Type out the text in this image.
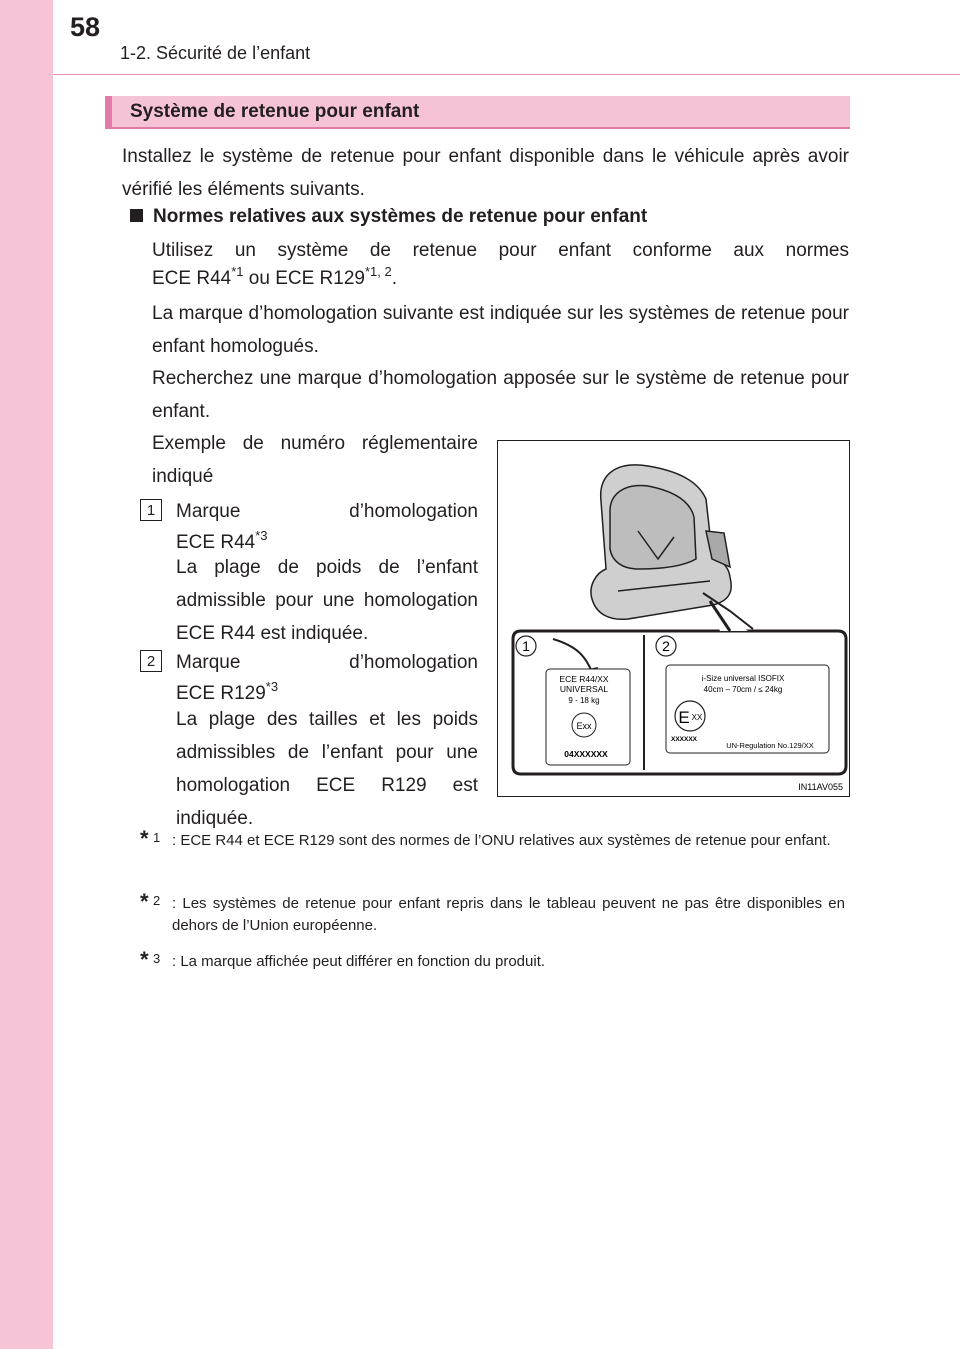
58
1-2. Sécurité de l’enfant
Système de retenue pour enfant
Installez le système de retenue pour enfant disponible dans le véhicule après avoir vérifié les éléments suivants.
Normes relatives aux systèmes de retenue pour enfant
Utilisez un système de retenue pour enfant conforme aux normes
ECE R44$^{*1}$ ou ECE R129$^{*1, 2}$.
La marque d’homologation suivante est indiquée sur les systèmes de retenue pour enfant homologués.
Recherchez une marque d’homologation apposée sur le système de retenue pour enfant.
Exemple de numéro réglementaire indiqué
1	Marque d’homologation
ECE R44$^{*3}$
La plage de poids de l’enfant admissible pour une homologation ECE R44 est indiquée.
2	Marque d’homologation
ECE R129$^{*3}$
La plage des tailles et les poids admissibles de l’enfant pour une homologation ECE R129 est indiquée.
1	2
ECE R44/XX
UNIVERSAL
9 - 18 kg
Exx
04XXXXXX
i-Size universal ISOFIX
40cm – 70cm / ≤ 24kg
E XX
XXXXXX
UN-Regulation No.129/XX
IN11AV055
* 1 : ECE R44 et ECE R129 sont des normes de l’ONU relatives aux systèmes de retenue pour enfant.
* 2 : Les systèmes de retenue pour enfant repris dans le tableau peuvent ne pas être disponibles en dehors de l’Union européenne.
* 3 : La marque affichée peut différer en fonction du produit.
